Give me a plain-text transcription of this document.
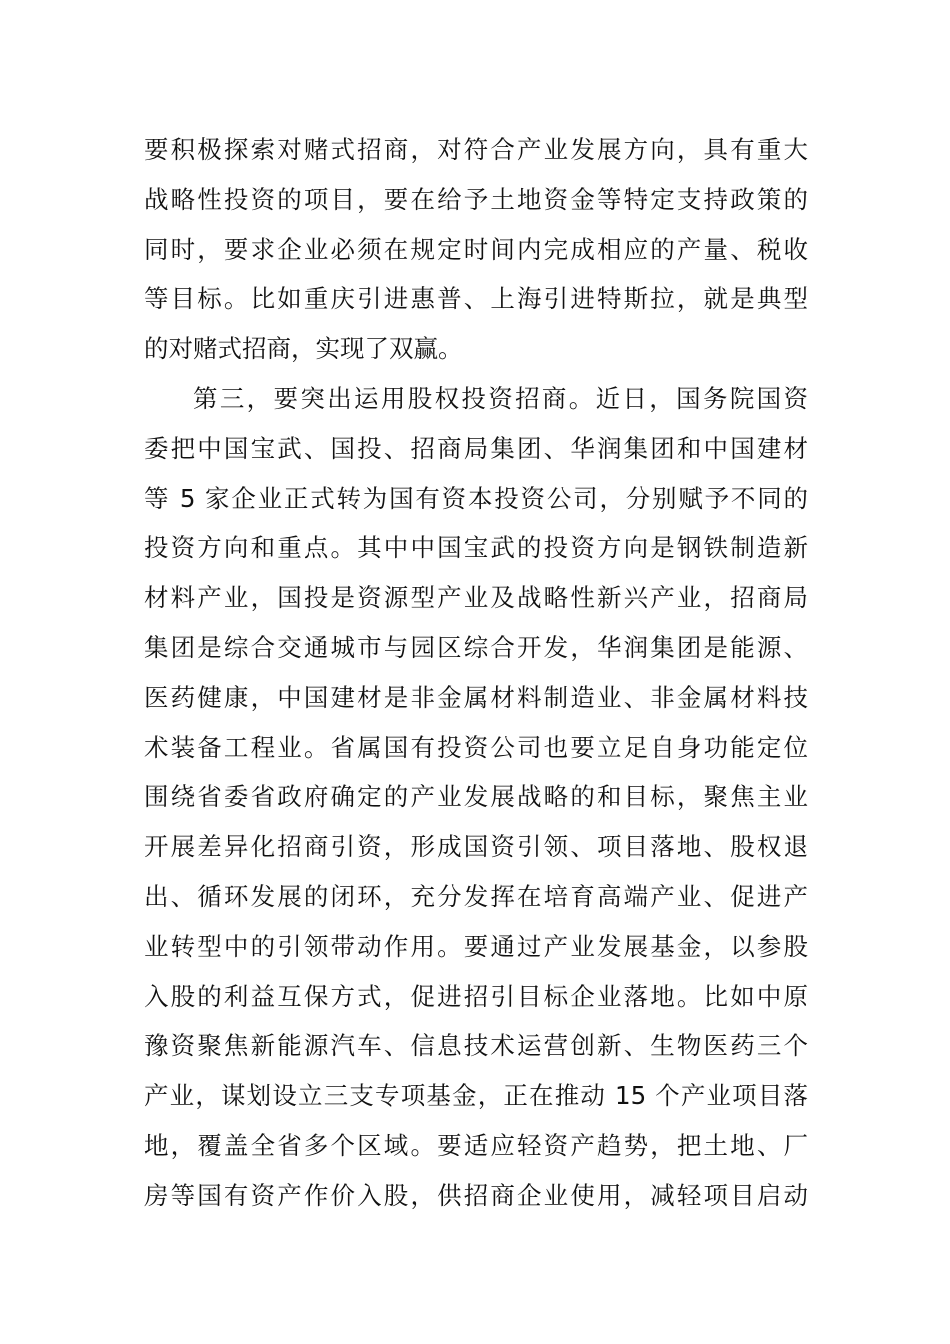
要积极探索对赌式招商，对符合产业发展方向，具有重大
战略性投资的项目，要在给予土地资金等特定支持政策的
同时，要求企业必须在规定时间内完成相应的产量、税收
等目标。比如重庆引进惠普、上海引进特斯拉，就是典型
的对赌式招商，实现了双赢。
第三，要突出运用股权投资招商。近日，国务院国资
委把中国宝武、国投、招商局集团、华润集团和中国建材
等 5 家企业正式转为国有资本投资公司，分别赋予不同的
投资方向和重点。其中中国宝武的投资方向是钢铁制造新
材料产业，国投是资源型产业及战略性新兴产业，招商局
集团是综合交通城市与园区综合开发，华润集团是能源、
医药健康，中国建材是非金属材料制造业、非金属材料技
术装备工程业。省属国有投资公司也要立足自身功能定位
围绕省委省政府确定的产业发展战略的和目标，聚焦主业
开展差异化招商引资，形成国资引领、项目落地、股权退
出、循环发展的闭环，充分发挥在培育高端产业、促进产
业转型中的引领带动作用。要通过产业发展基金，以参股
入股的利益互保方式，促进招引目标企业落地。比如中原
豫资聚焦新能源汽车、信息技术运营创新、生物医药三个
产业，谋划设立三支专项基金，正在推动 15 个产业项目落
地，覆盖全省多个区域。要适应轻资产趋势，把土地、厂
房等国有资产作价入股，供招商企业使用，减轻项目启动
